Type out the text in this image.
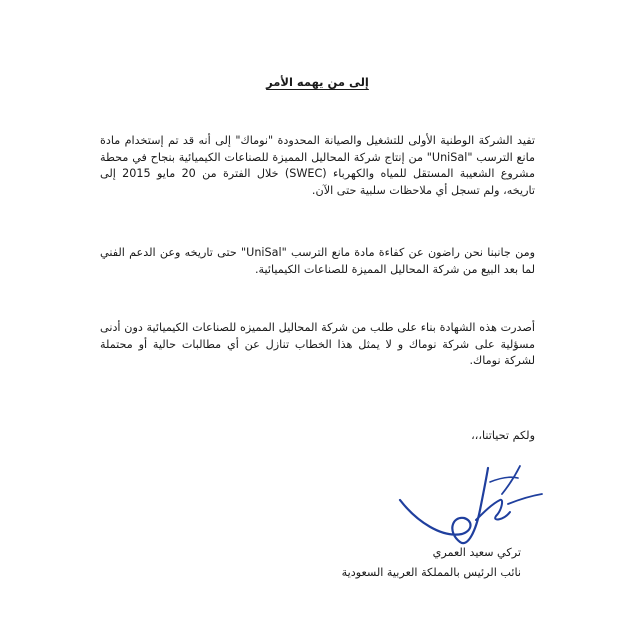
إلى من يهمه الأمر

تفيد الشركة الوطنية الأولى للتشغيل والصيانة المحدودة "نوماك" إلى أنه قد تم إستخدام مادة مانع الترسب "UniSal" من إنتاج شركة المحاليل المميزة للصناعات الكيميائية بنجاح في محطة مشروع الشعيبة المستقل للمياه والكهرباء (SWEC) خلال الفترة من 20 مايو 2015 إلى تاريخه، ولم تسجل أي ملاحظات سلبية حتى الآن.

ومن جانبنا نحن راضون عن كفاءة مادة مانع الترسب "UniSal" حتى تاريخه وعن الدعم الفني لما بعد البيع من شركة المحاليل المميزة للصناعات الكيميائية.

أصدرت هذه الشهادة بناء على طلب من شركة المحاليل المميزه للصناعات الكيميائية دون أدنى مسؤلية على شركة نوماك و لا يمثل هذا الخطاب تنازل عن أي مطالبات حالية أو محتملة لشركة نوماك.

ولكم تحياتنا،،،
تركي سعيد العمري
نائب الرئيس بالمملكة العربية السعودية
